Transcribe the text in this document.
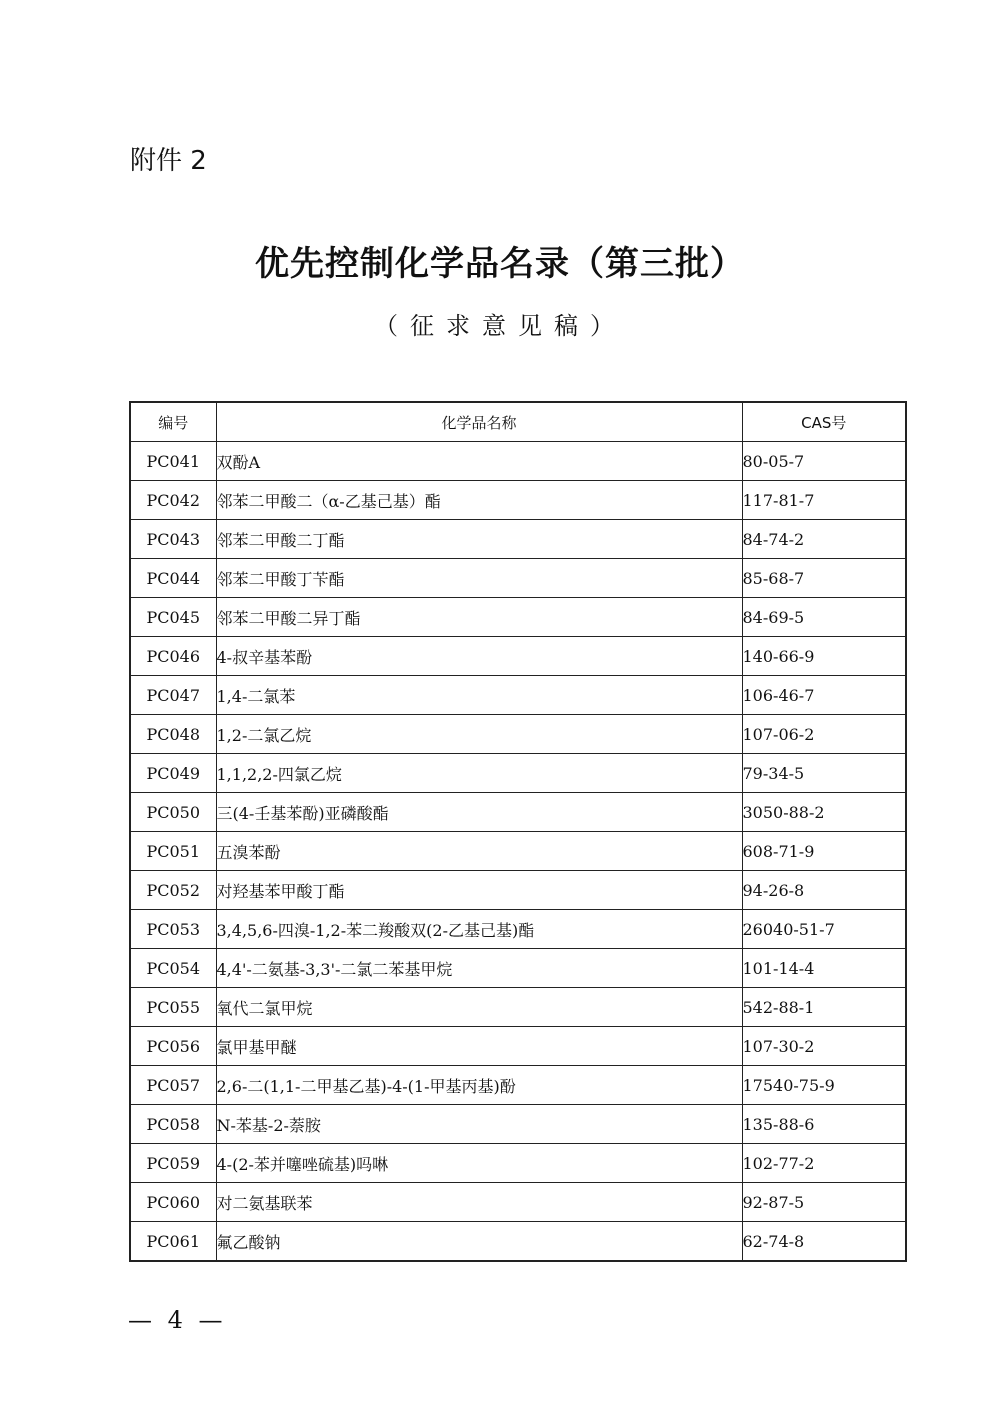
附件 2
优先控制化学品名录（第三批）
（征求意见稿）
编号	化学品名称	CAS号
PC041	双酚A	80-05-7
PC042	邻苯二甲酸二（α-乙基己基）酯	117-81-7
PC043	邻苯二甲酸二丁酯	84-74-2
PC044	邻苯二甲酸丁苄酯	85-68-7
PC045	邻苯二甲酸二异丁酯	84-69-5
PC046	4-叔辛基苯酚	140-66-9
PC047	1,4-二氯苯	106-46-7
PC048	1,2-二氯乙烷	107-06-2
PC049	1,1,2,2-四氯乙烷	79-34-5
PC050	三(4-壬基苯酚)亚磷酸酯	3050-88-2
PC051	五溴苯酚	608-71-9
PC052	对羟基苯甲酸丁酯	94-26-8
PC053	3,4,5,6-四溴-1,2-苯二羧酸双(2-乙基己基)酯	26040-51-7
PC054	4,4'-二氨基-3,3'-二氯二苯基甲烷	101-14-4
PC055	氧代二氯甲烷	542-88-1
PC056	氯甲基甲醚	107-30-2
PC057	2,6-二(1,1-二甲基乙基)-4-(1-甲基丙基)酚	17540-75-9
PC058	N-苯基-2-萘胺	135-88-6
PC059	4-(2-苯并噻唑硫基)吗啉	102-77-2
PC060	对二氨基联苯	92-87-5
PC061	氟乙酸钠	62-74-8
— 4 —
